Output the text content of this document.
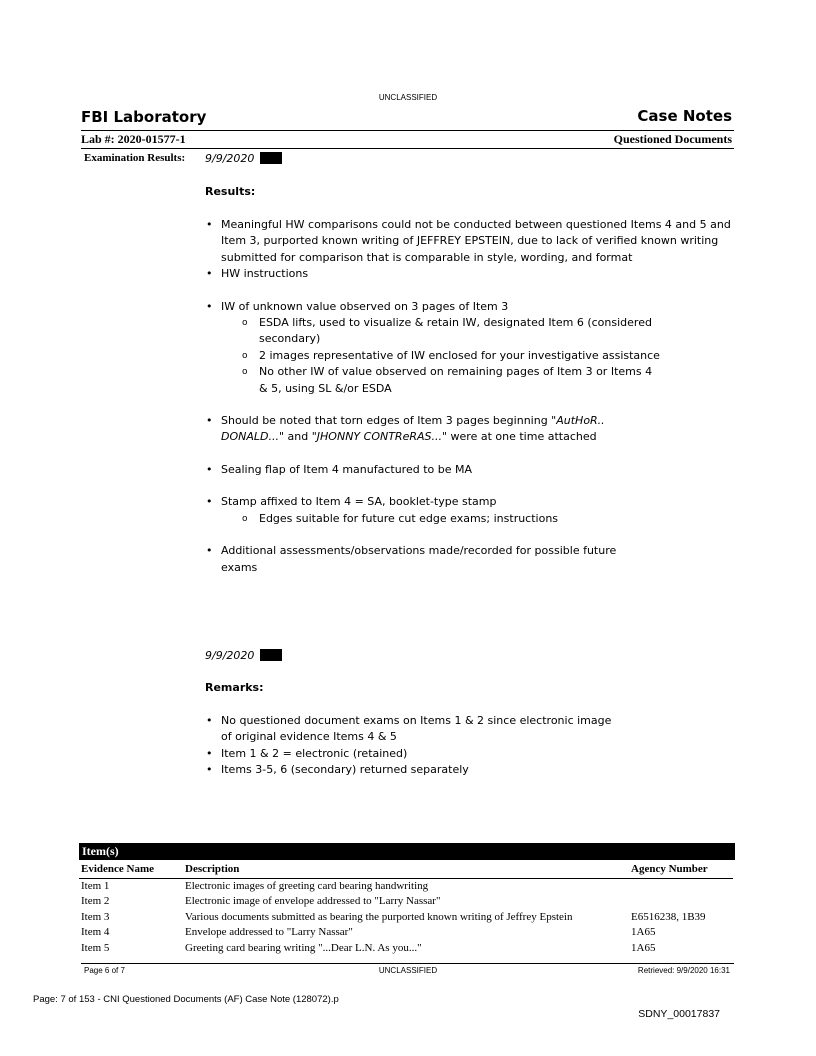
UNCLASSIFIED
FBI Laboratory	Case Notes
Lab #: 2020-01577-1	Questioned Documents
Examination Results: 9/9/2020
Results:
• Meaningful HW comparisons could not be conducted between questioned Items 4 and 5 and Item 3, purported known writing of JEFFREY EPSTEIN, due to lack of verified known writing submitted for comparison that is comparable in style, wording, and format
• HW instructions
• IW of unknown value observed on 3 pages of Item 3
o ESDA lifts, used to visualize & retain IW, designated Item 6 (considered secondary)
o 2 images representative of IW enclosed for your investigative assistance
o No other IW of value observed on remaining pages of Item 3 or Items 4 & 5, using SL &/or ESDA
• Should be noted that torn edges of Item 3 pages beginning "AutHoR.. DONALD..." and "JHONNY CONTReRAS..." were at one time attached
• Sealing flap of Item 4 manufactured to be MA
• Stamp affixed to Item 4 = SA, booklet-type stamp
o Edges suitable for future cut edge exams; instructions
• Additional assessments/observations made/recorded for possible future exams
9/9/2020
Remarks:
• No questioned document exams on Items 1 & 2 since electronic image of original evidence Items 4 & 5
• Item 1 & 2 = electronic (retained)
• Items 3-5, 6 (secondary) returned separately
Item(s)
Evidence Name	Description	Agency Number

Item 1	Electronic images of greeting card bearing handwriting	
Item 2	Electronic image of envelope addressed to "Larry Nassar"	
Item 3	Various documents submitted as bearing the purported known writing of Jeffrey Epstein	E6516238, 1B39
Item 4	Envelope addressed to "Larry Nassar"	1A65
Item 5	Greeting card bearing writing "...Dear L.N. As you..."	1A65
Page 6 of 7	UNCLASSIFIED	Retrieved: 9/9/2020 16:31
Page: 7 of 153 - CNI Questioned Documents (AF) Case Note (128072).p
SDNY_00017837
